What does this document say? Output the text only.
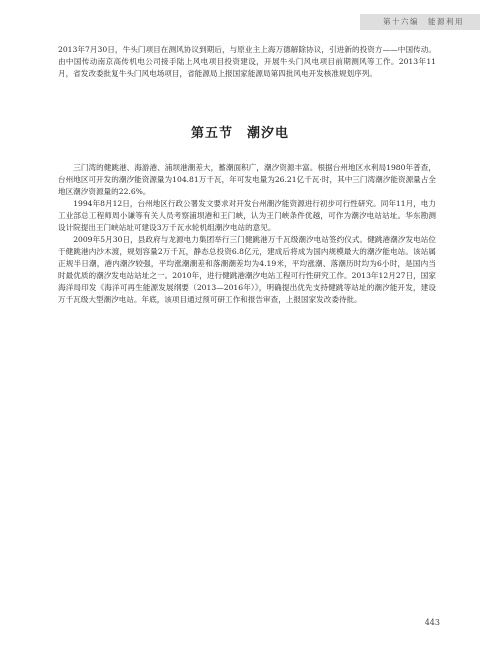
第十六编　能源利用

2013年7月30日，牛头门项目在测风协议到期后，与原业主上海万德解除协议，引进新的投资方——中国传动。由中国传动南京高传机电公司接手陆上风电项目投资建设，开展牛头门风电项目前期测风等工作。2013年11月，省发改委批复牛头门风电场项目，省能源局上报国家能源局第四批风电开发核准规划序列。

第五节　潮汐电

三门湾的健跳港、海游港、浦坝港潮差大，蓄潮面积广，潮汐资源丰富。根据台州地区水利局1980年普查，台州地区可开发的潮汐能资源量为104.81万千瓦，年可发电量为26.21亿千瓦·时，其中三门湾潮汐能资源量占全地区潮汐资源量的22.6%。

1994年8月12日，台州地区行政公署发文要求对开发台州潮汐能资源进行初步可行性研究。同年11月，电力工业部总工程师周小谦等有关人员考察浦坝港和王门峡，认为王门峡条件优越，可作为潮汐电站站址。华东勘测设计院提出王门峡站址可建设3万千瓦水轮机组潮汐电站的意见。

2009年5月30日，县政府与龙源电力集团举行三门健跳港万千瓦级潮汐电站签约仪式。健跳港潮汐发电站位于健跳港内沙木渡，规划容量2万千瓦，静态总投资6.8亿元，建成后将成为国内规模最大的潮汐能电站。该站属正规半日潮，港内潮汐较强，平均涨潮潮差和落潮潮差均为4.19米，平均涨潮、落潮历时均为6小时，是国内当时最优质的潮汐发电站站址之一。2010年，进行健跳港潮汐电站工程可行性研究工作。2013年12月27日，国家海洋局印发《海洋可再生能源发展纲要（2013—2016年）》，明确提出优先支持健跳等站址的潮汐能开发，建设万千瓦级大型潮汐电站。年底，该项目通过预可研工作和报告审查，上报国家发改委待批。

443
